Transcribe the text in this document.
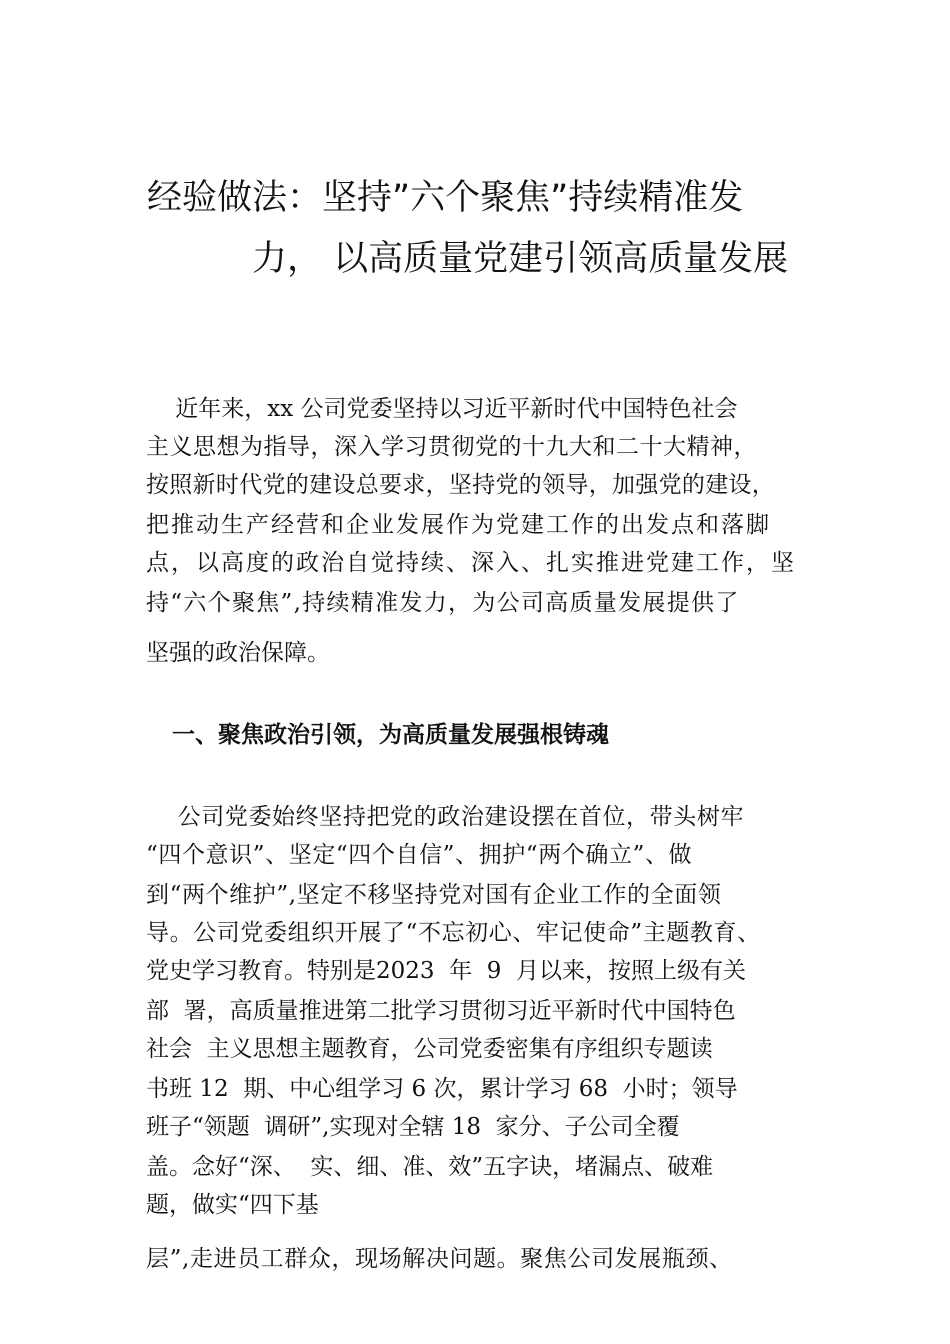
经验做法：坚持”六个聚焦”持续精准发
力， 以高质量党建引领高质量发展
近年来，xx 公司党委坚持以习近平新时代中国特色社会
主义思想为指导，深入学习贯彻党的十九大和二十大精神，
按照新时代党的建设总要求，坚持党的领导，加强党的建设，
把推动生产经营和企业发展作为党建工作的出发点和落脚
点，以高度的政治自觉持续、深入、扎实推进党建工作，坚
持“六个聚焦”,持续精准发力，为公司高质量发展提供了
坚强的政治保障。
一、聚焦政治引领，为高质量发展强根铸魂
公司党委始终坚持把党的政治建设摆在首位，带头树牢
“四个意识”、坚定“四个自信”、拥护“两个确立”、做
到“两个维护”,坚定不移坚持党对国有企业工作的全面领
导。公司党委组织开展了“不忘初心、牢记使命”主题教育、
党史学习教育。特别是2023  年  9  月以来，按照上级有关
部  署，高质量推进第二批学习贯彻习近平新时代中国特色
社会  主义思想主题教育，公司党委密集有序组织专题读
书班 12  期、中心组学习 6 次，累计学习 68  小时；领导
班子“领题  调研”,实现对全辖 18  家分、子公司全覆
盖。念好“深、  实、细、准、效”五字诀，堵漏点、破难
题，做实“四下基
层”,走进员工群众，现场解决问题。聚焦公司发展瓶颈、
